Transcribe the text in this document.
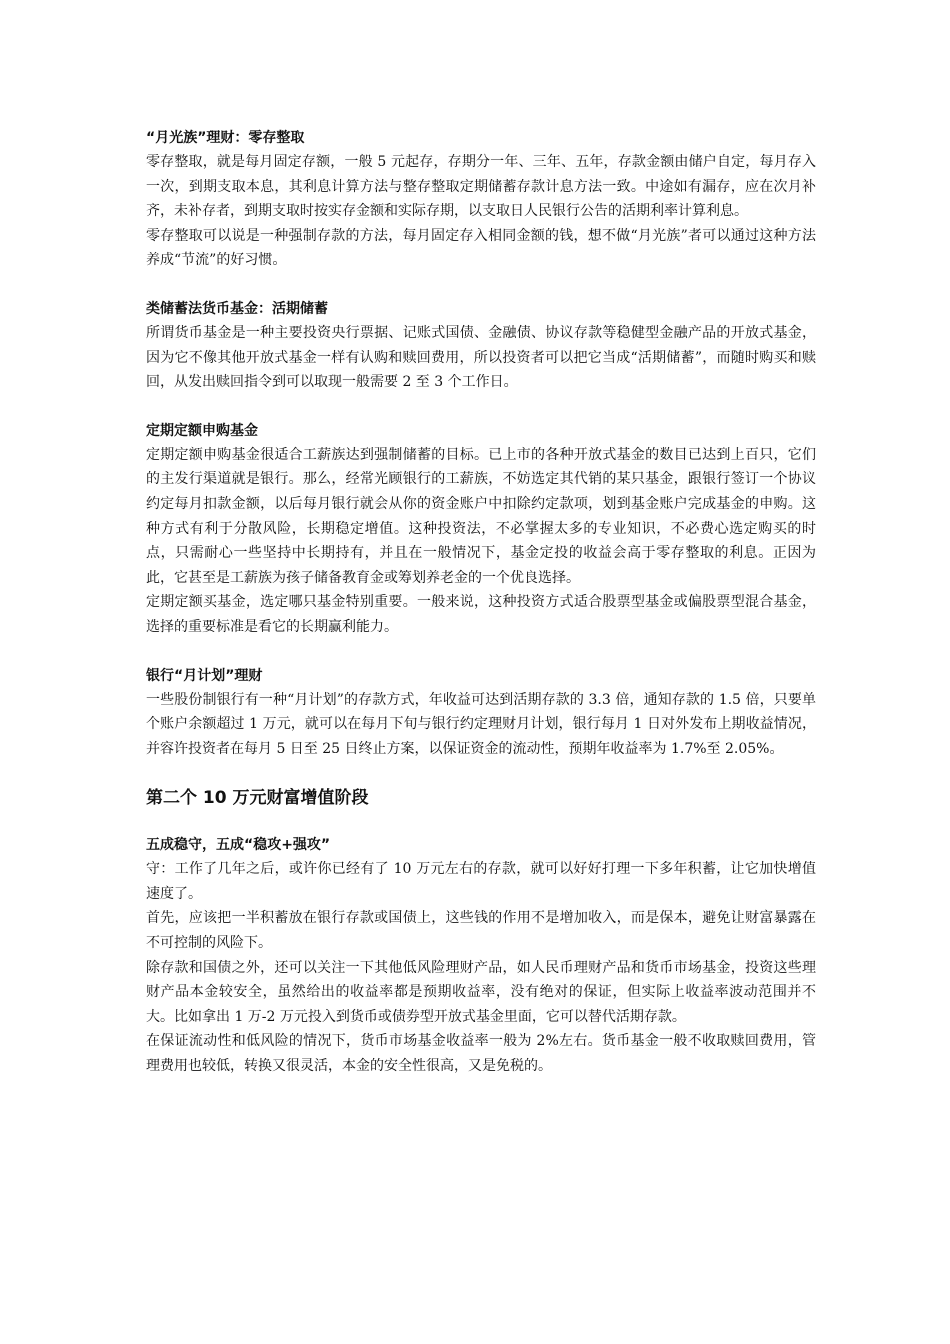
“月光族”理财：零存整取

零存整取，就是每月固定存额，一般 5 元起存，存期分一年、三年、五年，存款金额由储户自定，每月存入一次，到期支取本息，其利息计算方法与整存整取定期储蓄存款计息方法一致。中途如有漏存，应在次月补齐，未补存者，到期支取时按实存金额和实际存期，以支取日人民银行公告的活期利率计算利息。

零存整取可以说是一种强制存款的方法，每月固定存入相同金额的钱，想不做“月光族”者可以通过这种方法养成“节流”的好习惯。

类储蓄法货币基金：活期储蓄

所谓货币基金是一种主要投资央行票据、记账式国债、金融债、协议存款等稳健型金融产品的开放式基金，因为它不像其他开放式基金一样有认购和赎回费用，所以投资者可以把它当成“活期储蓄”，而随时购买和赎回，从发出赎回指令到可以取现一般需要 2 至 3 个工作日。

定期定额申购基金

定期定额申购基金很适合工薪族达到强制储蓄的目标。已上市的各种开放式基金的数目已达到上百只，它们的主发行渠道就是银行。那么，经常光顾银行的工薪族，不妨选定其代销的某只基金，跟银行签订一个协议约定每月扣款金额，以后每月银行就会从你的资金账户中扣除约定款项，划到基金账户完成基金的申购。这种方式有利于分散风险，长期稳定增值。这种投资法，不必掌握太多的专业知识，不必费心选定购买的时点，只需耐心一些坚持中长期持有，并且在一般情况下，基金定投的收益会高于零存整取的利息。正因为此，它甚至是工薪族为孩子储备教育金或筹划养老金的一个优良选择。

定期定额买基金，选定哪只基金特别重要。一般来说，这种投资方式适合股票型基金或偏股票型混合基金，选择的重要标准是看它的长期赢利能力。

银行“月计划”理财

一些股份制银行有一种“月计划”的存款方式，年收益可达到活期存款的 3.3 倍，通知存款的 1.5 倍，只要单个账户余额超过 1 万元，就可以在每月下旬与银行约定理财月计划，银行每月 1 日对外发布上期收益情况，并容许投资者在每月 5 日至 25 日终止方案，以保证资金的流动性，预期年收益率为 1.7%至 2.05%。

第二个 10 万元财富增值阶段

五成稳守，五成“稳攻+强攻”

守：工作了几年之后，或许你已经有了 10 万元左右的存款，就可以好好打理一下多年积蓄，让它加快增值速度了。

首先，应该把一半积蓄放在银行存款或国债上，这些钱的作用不是增加收入，而是保本，避免让财富暴露在不可控制的风险下。

除存款和国债之外，还可以关注一下其他低风险理财产品，如人民币理财产品和货币市场基金，投资这些理财产品本金较安全，虽然给出的收益率都是预期收益率，没有绝对的保证，但实际上收益率波动范围并不大。比如拿出 1 万-2 万元投入到货币或债券型开放式基金里面，它可以替代活期存款。

在保证流动性和低风险的情况下，货币市场基金收益率一般为 2%左右。货币基金一般不收取赎回费用，管理费用也较低，转换又很灵活，本金的安全性很高，又是免税的。
